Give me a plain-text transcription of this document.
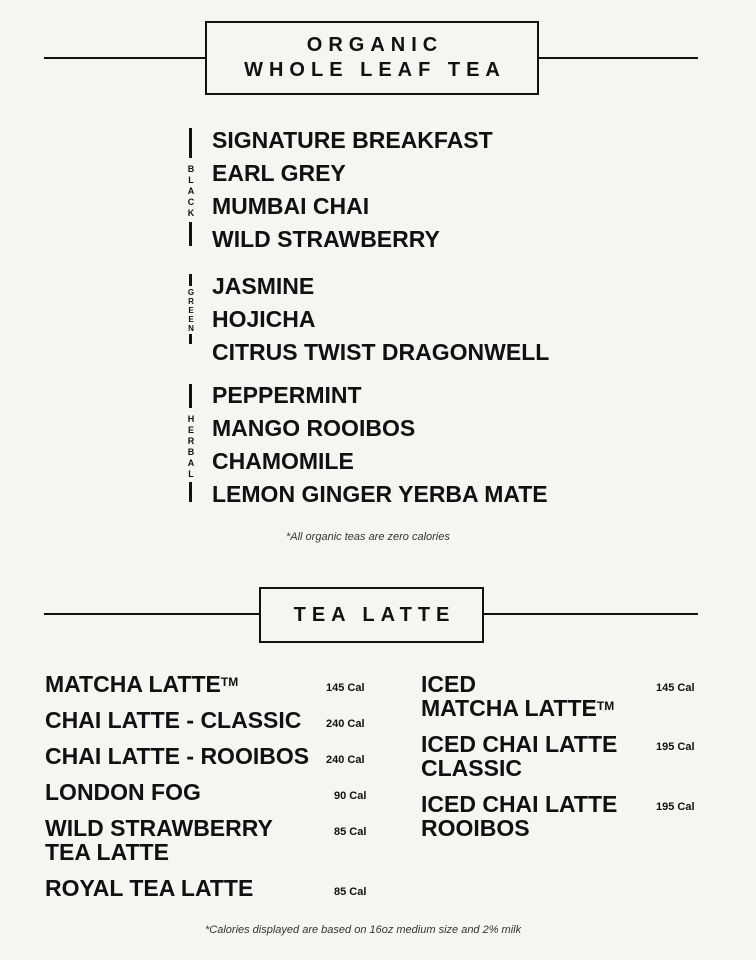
ORGANIC
WHOLE LEAF TEA
B
L
A
C
K
SIGNATURE BREAKFAST
EARL GREY
MUMBAI CHAI
WILD STRAWBERRY
G
R
E
E
N
JASMINE
HOJICHA
CITRUS TWIST DRAGONWELL
H
E
R
B
A
L
PEPPERMINT
MANGO ROOIBOS
CHAMOMILE
LEMON GINGER YERBA MATE
*All organic teas are zero calories
TEA LATTE
MATCHA LATTE™	145 Cal
CHAI LATTE - CLASSIC 240 Cal
CHAI LATTE - ROOIBOS 240 Cal
LONDON FOG	90 Cal
WILD STRAWBERRY
TEA LATTE
85 Cal
ROYAL TEA LATTE	85 Cal
ICED
MATCHA LATTE™
145 Cal
ICED CHAI LATTE
CLASSIC
195 Cal
ICED CHAI LATTE
ROOIBOS
195 Cal
*Calories displayed are based on 16oz medium size and 2% milk
